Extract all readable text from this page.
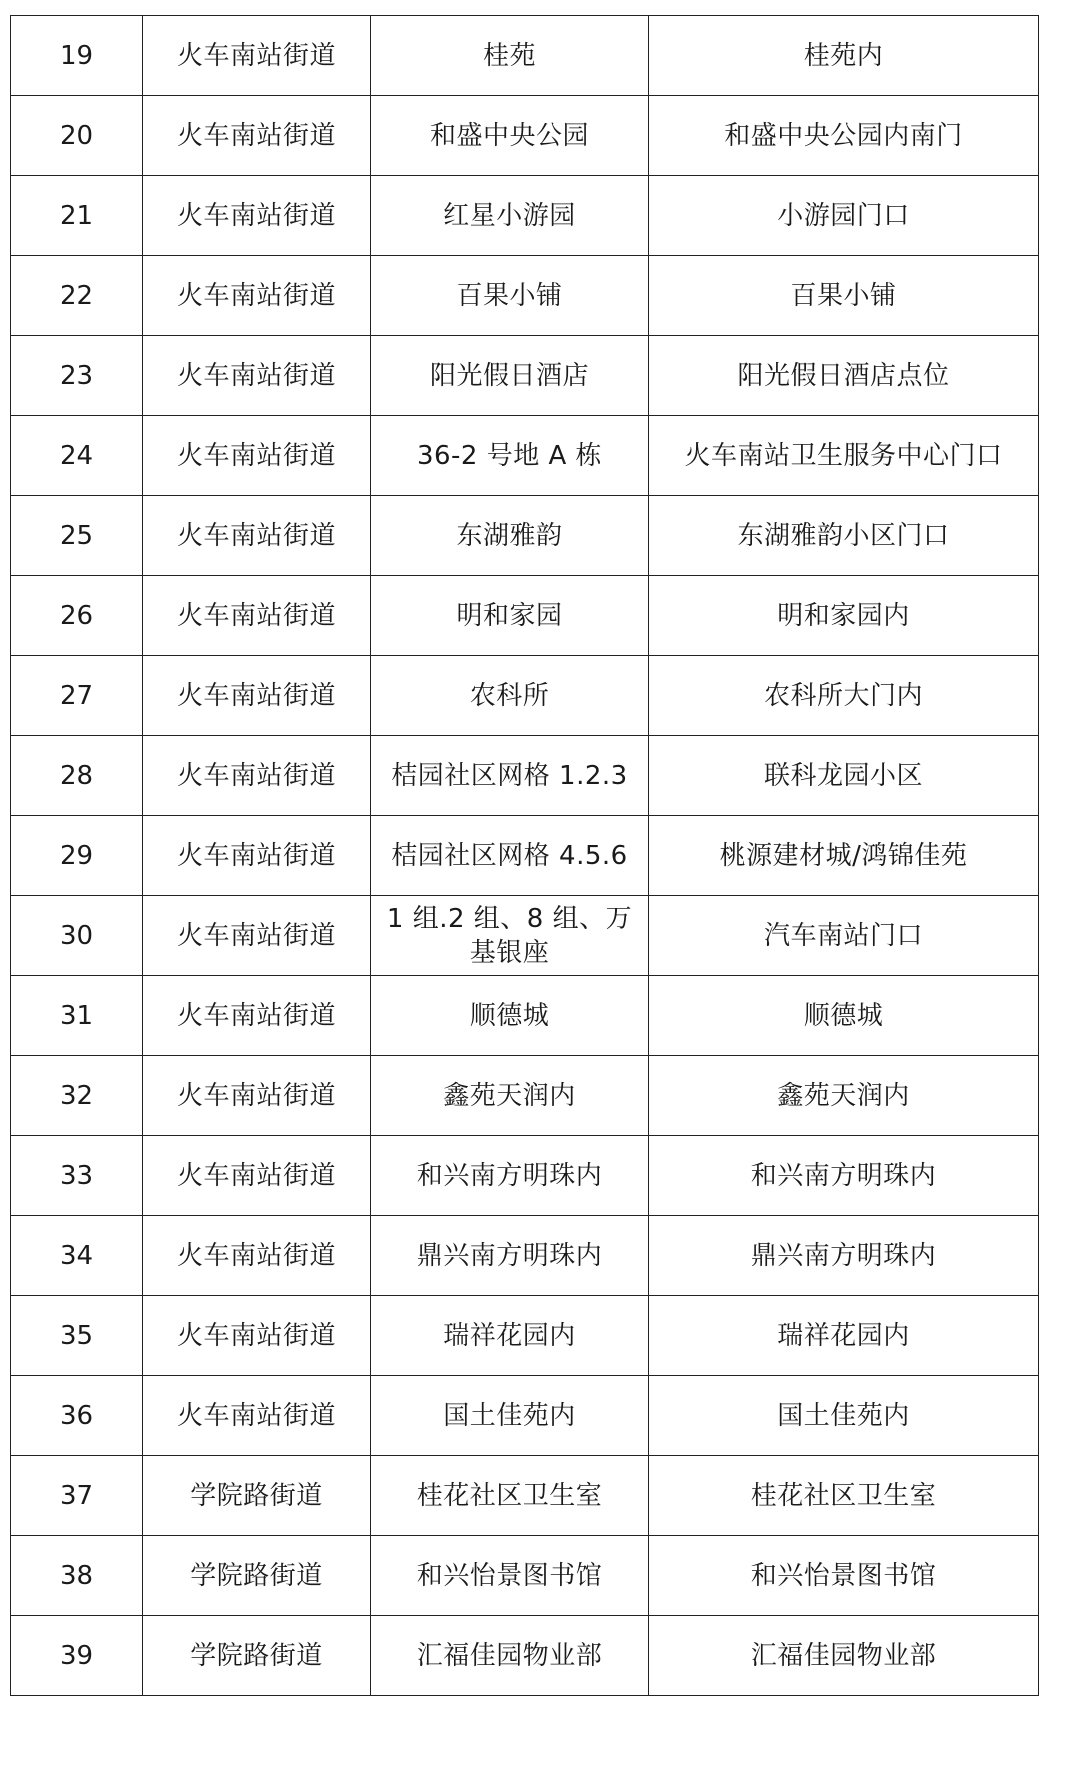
19	火车南站街道	桂苑	桂苑内
20	火车南站街道	和盛中央公园	和盛中央公园内南门
21	火车南站街道	红星小游园	小游园门口
22	火车南站街道	百果小铺	百果小铺
23	火车南站街道	阳光假日酒店	阳光假日酒店点位
24	火车南站街道	36-2 号地 A 栋	火车南站卫生服务中心门口
25	火车南站街道	东湖雅韵	东湖雅韵小区门口
26	火车南站街道	明和家园	明和家园内
27	火车南站街道	农科所	农科所大门内
28	火车南站街道	桔园社区网格 1.2.3	联科龙园小区
29	火车南站街道	桔园社区网格 4.5.6	桃源建材城/鸿锦佳苑
30	火车南站街道	1 组.2 组、8 组、万基银座	汽车南站门口
31	火车南站街道	顺德城	顺德城
32	火车南站街道	鑫苑天润内	鑫苑天润内
33	火车南站街道	和兴南方明珠内	和兴南方明珠内
34	火车南站街道	鼎兴南方明珠内	鼎兴南方明珠内
35	火车南站街道	瑞祥花园内	瑞祥花园内
36	火车南站街道	国土佳苑内	国土佳苑内
37	学院路街道	桂花社区卫生室	桂花社区卫生室
38	学院路街道	和兴怡景图书馆	和兴怡景图书馆
39	学院路街道	汇福佳园物业部	汇福佳园物业部
